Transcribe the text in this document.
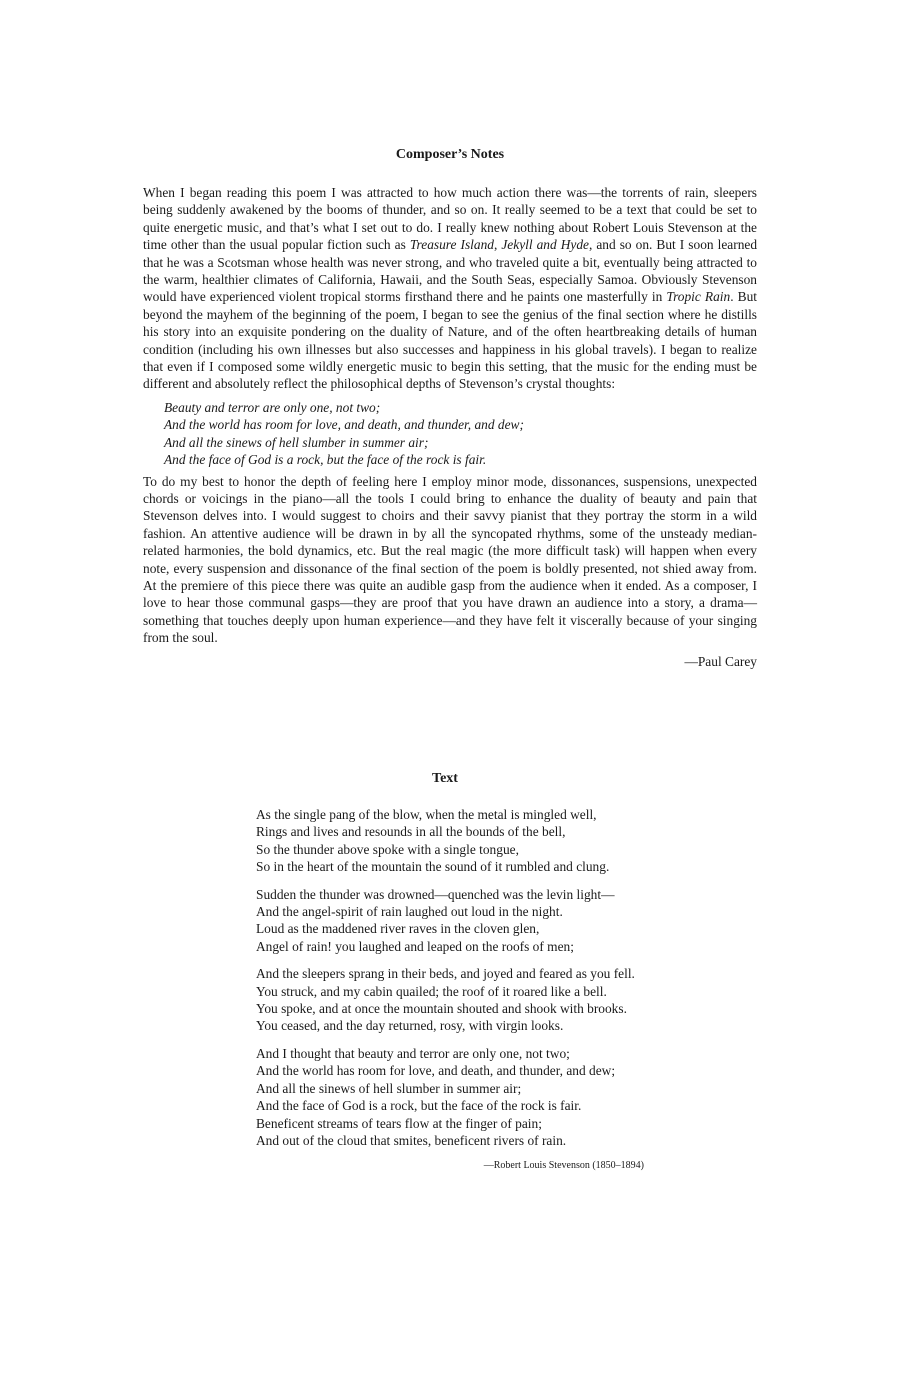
Composer’s Notes

When I began reading this poem I was attracted to how much action there was—the torrents of rain, sleepers being suddenly awakened by the booms of thunder, and so on. It really seemed to be a text that could be set to quite energetic music, and that’s what I set out to do. I really knew nothing about Robert Louis Stevenson at the time other than the usual popular fiction such as Treasure Island, Jekyll and Hyde, and so on. But I soon learned that he was a Scotsman whose health was never strong, and who traveled quite a bit, eventually being attracted to the warm, healthier climates of California, Hawaii, and the South Seas, especially Samoa. Obviously Stevenson would have experienced violent tropical storms firsthand there and he paints one masterfully in Tropic Rain. But beyond the mayhem of the beginning of the poem, I began to see the genius of the final section where he distills his story into an exquisite pondering on the duality of Nature, and of the often heartbreaking details of human condition (including his own illnesses but also successes and happiness in his global travels). I began to realize that even if I composed some wildly energetic music to begin this setting, that the music for the ending must be different and absolutely reflect the philosophical depths of Stevenson’s crystal thoughts:

Beauty and terror are only one, not two;
And the world has room for love, and death, and thunder, and dew;
And all the sinews of hell slumber in summer air;
And the face of God is a rock, but the face of the rock is fair.

To do my best to honor the depth of feeling here I employ minor mode, dissonances, suspensions, unexpected chords or voicings in the piano—all the tools I could bring to enhance the duality of beauty and pain that Stevenson delves into. I would suggest to choirs and their savvy pianist that they portray the storm in a wild fashion. An attentive audience will be drawn in by all the syncopated rhythms, some of the unsteady median-related harmonies, the bold dynamics, etc. But the real magic (the more difficult task) will happen when every note, every suspension and dissonance of the final section of the poem is boldly presented, not shied away from. At the premiere of this piece there was quite an audible gasp from the audience when it ended. As a composer, I love to hear those communal gasps—they are proof that you have drawn an audience into a story, a drama—something that touches deeply upon human experience—and they have felt it viscerally because of your singing from the soul.

—Paul Carey
Text
As the single pang of the blow, when the metal is mingled well,
Rings and lives and resounds in all the bounds of the bell,
So the thunder above spoke with a single tongue,
So in the heart of the mountain the sound of it rumbled and clung.
Sudden the thunder was drowned—quenched was the levin light—
And the angel-spirit of rain laughed out loud in the night.
Loud as the maddened river raves in the cloven glen,
Angel of rain! you laughed and leaped on the roofs of men;
And the sleepers sprang in their beds, and joyed and feared as you fell.
You struck, and my cabin quailed; the roof of it roared like a bell.
You spoke, and at once the mountain shouted and shook with brooks.
You ceased, and the day returned, rosy, with virgin looks.
And I thought that beauty and terror are only one, not two;
And the world has room for love, and death, and thunder, and dew;
And all the sinews of hell slumber in summer air;
And the face of God is a rock, but the face of the rock is fair.
Beneficent streams of tears flow at the finger of pain;
And out of the cloud that smites, beneficent rivers of rain.
—Robert Louis Stevenson (1850–1894)
